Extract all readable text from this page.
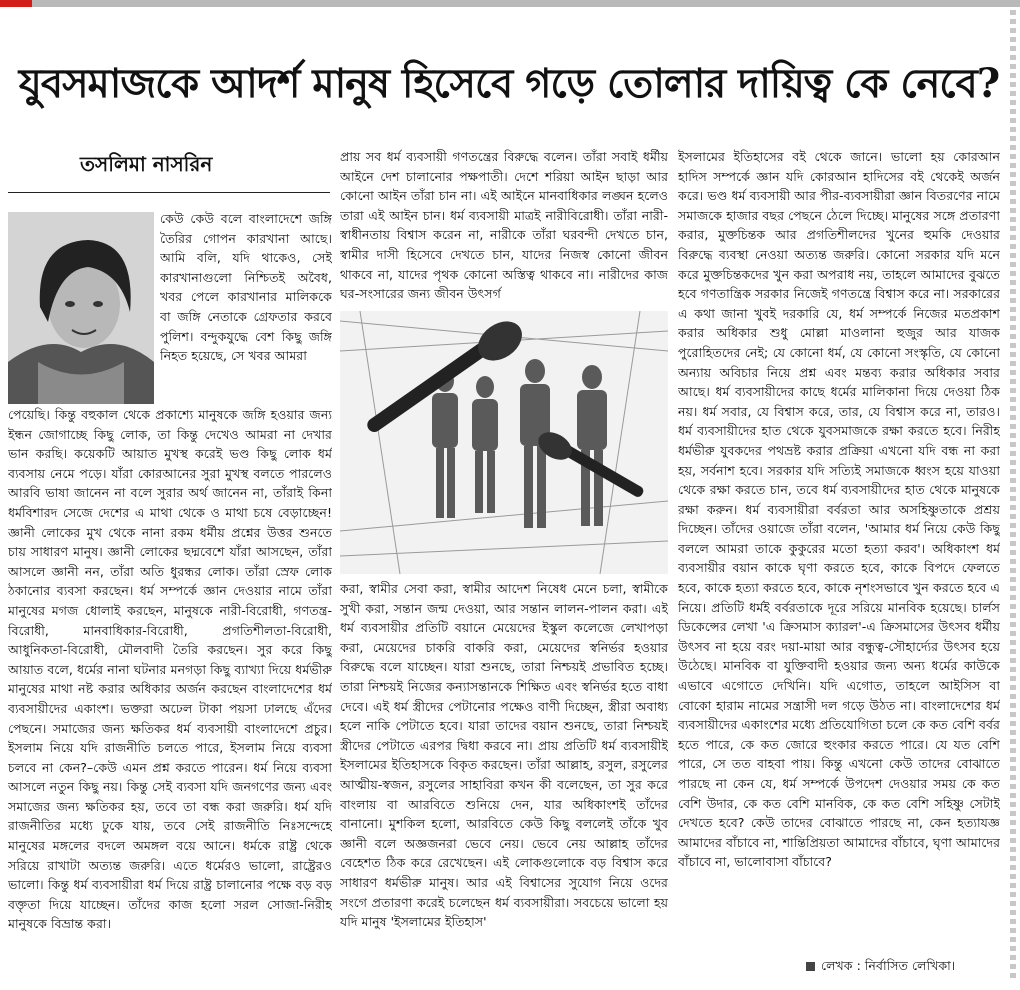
যুবসমাজকে আদর্শ মানুষ হিসেবে গড়ে তোলার দায়িত্ব কে নেবে?
তসলিমা নাসরিন

কেউ কেউ বলে বাংলাদেশে জঙ্গি তৈরির গোপন কারখানা আছে। আমি বলি, যদি থাকেও, সেই কারখানাগুলো নিশ্চিতই অবৈধ, খবর পেলে কারখানার মালিককে বা জঙ্গি নেতাকে গ্রেফতার করবে পুলিশ। বন্দুকযুদ্ধে বেশ কিছু জঙ্গি নিহত হয়েছে, সে খবর আমরা

পেয়েছি। কিন্তু বহুকাল থেকে প্রকাশ্যে মানুষকে জঙ্গি হওয়ার জন্য ইন্ধন জোগাচ্ছে কিছু লোক, তা কিন্তু দেখেও আমরা না দেখার ভান করছি। কয়েকটি আয়াত মুখস্থ করেই ভণ্ড কিছু লোক ধর্ম ব্যবসায় নেমে পড়ে। যাঁরা কোরআনের সুরা মুখস্থ বলতে পারলেও আরবি ভাষা জানেন না বলে সুরার অর্থ জানেন না, তাঁরাই কিনা ধর্মবিশারদ সেজে দেশের এ মাথা থেকে ও মাথা চষে বেড়াচ্ছেন! জ্ঞানী লোকের মুখ থেকে নানা রকম ধর্মীয় প্রশ্নের উত্তর শুনতে চায় সাধারণ মানুষ। জ্ঞানী লোকের ছদ্মবেশে যাঁরা আসছেন, তাঁরা আসলে জ্ঞানী নন, তাঁরা অতি ধুরন্ধর লোক। তাঁরা স্রেফ লোক ঠকানোর ব্যবসা করছেন। ধর্ম সম্পর্কে জ্ঞান দেওয়ার নামে তাঁরা মানুষের মগজ ধোলাই করছেন, মানুষকে নারী-বিরোধী, গণতন্ত্র-বিরোধী, মানবাধিকার-বিরোধী, প্রগতিশীলতা-বিরোধী, আধুনিকতা-বিরোধী, মৌলবাদী তৈরি করছেন। সুর করে কিছু আয়াত বলে, ধর্মের নানা ঘটনার মনগড়া কিছু ব্যাখ্যা দিয়ে ধর্মভীরু মানুষের মাথা নষ্ট করার অধিকার অর্জন করছেন বাংলাদেশের ধর্ম ব্যবসায়ীদের একাংশ। ভক্তরা অঢেল টাকা পয়সা ঢালছে এঁদের পেছনে। সমাজের জন্য ক্ষতিকর ধর্ম ব্যবসায়ী বাংলাদেশে প্রচুর। ইসলাম নিয়ে যদি রাজনীতি চলতে পারে, ইসলাম নিয়ে ব্যবসা চলবে না কেন?–কেউ এমন প্রশ্ন করতে পারেন। ধর্ম নিয়ে ব্যবসা আসলে নতুন কিছু নয়। কিন্তু সেই ব্যবসা যদি জনগণের জন্য এবং সমাজের জন্য ক্ষতিকর হয়, তবে তা বন্ধ করা জরুরি। ধর্ম যদি রাজনীতির মধ্যে ঢুকে যায়, তবে সেই রাজনীতি নিঃসন্দেহে মানুষের মঙ্গলের বদলে অমঙ্গল বয়ে আনে। ধর্মকে রাষ্ট্র থেকে সরিয়ে রাখাটা অত্যন্ত জরুরি। এতে ধর্মেরও ভালো, রাষ্ট্রেরও ভালো। কিন্তু ধর্ম ব্যবসায়ীরা ধর্ম দিয়ে রাষ্ট্র চালানোর পক্ষে বড় বড় বক্তৃতা দিয়ে যাচ্ছেন। তাঁদের কাজ হলো সরল সোজা-নিরীহ মানুষকে বিভ্রান্ত করা।

প্রায় সব ধর্ম ব্যবসায়ী গণতন্ত্রের বিরুদ্ধে বলেন। তাঁরা সবাই ধর্মীয় আইনে দেশ চালানোর পক্ষপাতী। দেশে শরিয়া আইন ছাড়া আর কোনো আইন তাঁরা চান না। এই আইনে মানবাধিকার লঙ্ঘন হলেও তারা এই আইন চান। ধর্ম ব্যবসায়ী মাত্রই নারীবিরোধী। তাঁরা নারী-স্বাধীনতায় বিশ্বাস করেন না, নারীকে তাঁরা ঘরবন্দী দেখতে চান, স্বামীর দাসী হিসেবে দেখতে চান, যাদের নিজস্ব কোনো জীবন থাকবে না, যাদের পৃথক কোনো অস্তিত্ব থাকবে না। নারীদের কাজ ঘর-সংসারের জন্য জীবন উৎসর্গ

করা, স্বামীর সেবা করা, স্বামীর আদেশ নিষেধ মেনে চলা, স্বামীকে সুখী করা, সন্তান জন্ম দেওয়া, আর সন্তান লালন-পালন করা। এই ধর্ম ব্যবসায়ীর প্রতিটি বয়ানে মেয়েদের ইস্কুল কলেজে লেখাপড়া করা, মেয়েদের চাকরি বাকরি করা, মেয়েদের স্বনির্ভর হওয়ার বিরুদ্ধে বলে যাচ্ছেন। যারা শুনছে, তারা নিশ্চয়ই প্রভাবিত হচ্ছে। তারা নিশ্চয়ই নিজের কন্যাসন্তানকে শিক্ষিত এবং স্বনির্ভর হতে বাধা দেবে। এই ধর্ম স্ত্রীদের পেটানোর পক্ষেও বাণী দিচ্ছেন, স্ত্রীরা অবাধ্য হলে নাকি পেটাতে হবে। যারা তাদের বয়ান শুনছে, তারা নিশ্চয়ই স্ত্রীদের পেটাতে এরপর দ্বিধা করবে না। প্রায় প্রতিটি ধর্ম ব্যবসায়ীই ইসলামের ইতিহাসকে বিকৃত করছেন। তাঁরা আল্লাহ, রসুল, রসুলের আত্মীয়-স্বজন, রসুলের সাহাবিরা কখন কী বলেছেন, তা সুর করে বাংলায় বা আরবিতে শুনিয়ে দেন, যার অধিকাংশই তাঁদের বানানো। মুশকিল হলো, আরবিতে কেউ কিছু বললেই তাঁকে খুব জ্ঞানী বলে অজ্ঞজনরা ভেবে নেয়। ভেবে নেয় আল্লাহ তাঁদের বেহেশত ঠিক করে রেখেছেন। এই লোকগুলোকে বড় বিশ্বাস করে সাধারণ ধর্মভীরু মানুষ। আর এই বিশ্বাসের সুযোগ নিয়ে ওদের সংগে প্রতারণা করেই চলেছেন ধর্ম ব্যবসায়ীরা। সবচেয়ে ভালো হয় যদি মানুষ 'ইসলামের ইতিহাস'

ইসলামের ইতিহাসের বই থেকে জানে। ভালো হয় কোরআন হাদিস সম্পর্কে জ্ঞান যদি কোরআন হাদিসের বই থেকেই অর্জন করে। ভণ্ড ধর্ম ব্যবসায়ী আর পীর-ব্যবসায়ীরা জ্ঞান বিতরণের নামে সমাজকে হাজার বছর পেছনে ঠেলে দিচ্ছে। মানুষের সঙ্গে প্রতারণা করার, মুক্তচিন্তক আর প্রগতিশীলদের খুনের হুমকি দেওয়ার বিরুদ্ধে ব্যবস্থা নেওয়া অত্যন্ত জরুরি। কোনো সরকার যদি মনে করে মুক্তচিন্তকদের খুন করা অপরাধ নয়, তাহলে আমাদের বুঝতে হবে গণতান্ত্রিক সরকার নিজেই গণতন্ত্রে বিশ্বাস করে না। সরকারের এ কথা জানা খুবই দরকারি যে, ধর্ম সম্পর্কে নিজের মতপ্রকাশ করার অধিকার শুধু মোল্লা মাওলানা হুজুর আর যাজক পুরোহিতদের নেই; যে কোনো ধর্ম, যে কোনো সংস্কৃতি, যে কোনো অন্যায় অবিচার নিয়ে প্রশ্ন এবং মন্তব্য করার অধিকার সবার আছে। ধর্ম ব্যবসায়ীদের কাছে ধর্মের মালিকানা দিয়ে দেওয়া ঠিক নয়। ধর্ম সবার, যে বিশ্বাস করে, তার, যে বিশ্বাস করে না, তারও। ধর্ম ব্যবসায়ীদের হাত থেকে যুবসমাজকে রক্ষা করতে হবে। নিরীহ ধর্মভীরু যুবকদের পথভ্রষ্ট করার প্রক্রিয়া এখনো যদি বন্ধ না করা হয়, সর্বনাশ হবে। সরকার যদি সত্যিই সমাজকে ধ্বংস হয়ে যাওয়া থেকে রক্ষা করতে চান, তবে ধর্ম ব্যবসায়ীদের হাত থেকে মানুষকে রক্ষা করুন। ধর্ম ব্যবসায়ীরা বর্বরতা আর অসহিষ্ণুতাকে প্রশ্রয় দিচ্ছেন। তাঁদের ওয়াজে তাঁরা বলেন, 'আমার ধর্ম নিয়ে কেউ কিছু বললে আমরা তাকে কুকুরের মতো হত্যা করব'। অধিকাংশ ধর্ম ব্যবসায়ীর বয়ান কাকে ঘৃণা করতে হবে, কাকে বিপদে ফেলতে হবে, কাকে হত্যা করতে হবে, কাকে নৃশংসভাবে খুন করতে হবে এ নিয়ে। প্রতিটি ধর্মই বর্বরতাকে দূরে সরিয়ে মানবিক হয়েছে। চার্লস ডিকেন্সের লেখা 'এ ক্রিসমাস ক্যারল'-এ ক্রিসমাসের উৎসব ধর্মীয় উৎসব না হয়ে বরং দয়া-মায়া আর বন্ধুত্ব-সৌহার্দ্যের উৎসব হয়ে উঠেছে। মানবিক বা যুক্তিবাদী হওয়ার জন্য অন্য ধর্মের কাউকে এভাবে এগোতে দেখিনি। যদি এগোত, তাহলে আইসিস বা বোকো হারাম নামের সন্ত্রাসী দল গড়ে উঠত না। বাংলাদেশের ধর্ম ব্যবসায়ীদের একাংশের মধ্যে প্রতিযোগিতা চলে কে কত বেশি বর্বর হতে পারে, কে কত জোরে হুংকার করতে পারে। যে যত বেশি পারে, সে তত বাহবা পায়। কিন্তু এখনো কেউ তাদের বোঝাতে পারছে না কেন যে, ধর্ম সম্পর্কে উপদেশ দেওয়ার সময় কে কত বেশি উদার, কে কত বেশি মানবিক, কে কত বেশি সহিষ্ণু সেটাই দেখতে হবে? কেউ তাদের বোঝাতে পারছে না, কেন হত্যাযজ্ঞ আমাদের বাঁচাবে না, শান্তিপ্রিয়তা আমাদের বাঁচাবে, ঘৃণা আমাদের বাঁচাবে না, ভালোবাসা বাঁচাবে?

লেখক : নির্বাসিত লেখিকা।
